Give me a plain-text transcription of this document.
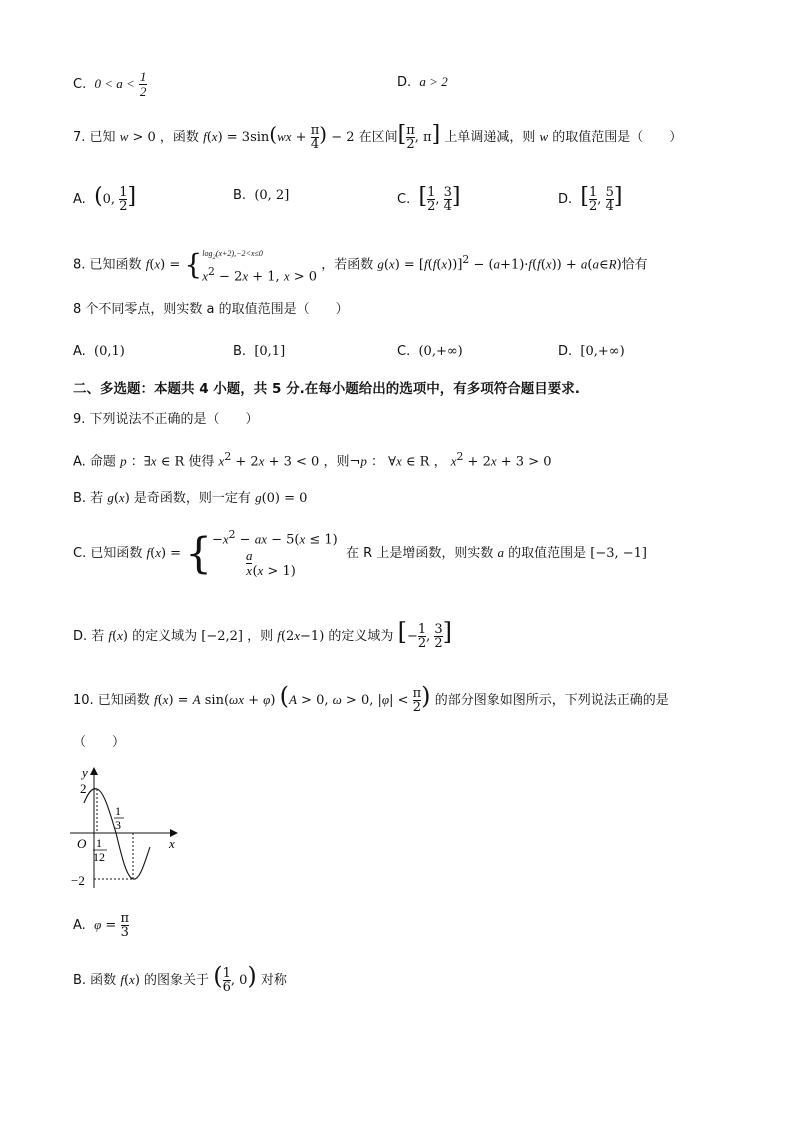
C. 0 < a < 1
2
D. a > 2
7. 已知 w > 0 ，函数 f(x) = 3sin(wx + π
4) − 2 在区间[π
2, π] 上单调递减，则 w 的取值范围是（　　）
A. (0, 1
2]	B.  (0, 2]	C. [1
2, 3
4]	D. [1
2, 5
4]
8. 已知函数 $f(x) = \{\log_2(x+2),-2<x\le 0$
$x^2 - 2x + 1$, x > 0 ，若函数 $g(x) = [f(f(x))]^2 - (a+1)\cdot f(f(x))$ + a(a∈R)恰有
8 个不同零点，则实数 a 的取值范围是（　　）
A.  (0,1)	B.  [0,1]	C.  (0,+∞)	D.  [0,+∞)
二、多选题：本题共 4 小题，共 5 分.在每小题给出的选项中，有多项符合题目要求.
9. 下列说法不正确的是（　　）
A. 命题 p ：∃x ∈ R 使得 $x^2 + 2x + 3 < 0$ ，则¬p ： ∀x ∈ R ， $x^2 + 2x + 3 > 0$
B. 若 g(x) 是奇函数，则一定有 g(0) = 0
C. 已知函数 $f(x) = \{-x^2$ − ax − 5(x ≤ 1)
$\frac{a}{x}(x > 1)$  在 R 上是增函数，则实数 a 的取值范围是 [−3, −1]
D. 若 f(x) 的定义域为 [−2,2] ，则 f(2x−1) 的定义域为 [−1
2, 3
2]
10. 已知函数 f(x) = A sin(ωx + φ) (A > 0, ω > 0, |φ| < π
2) 的部分图象如图所示，下列说法正确的是
（　　）
y
x
O
2
−2
1
3
1
12
A. φ = π
3
B. 函数 f(x) 的图象关于 (1
6, 0) 对称
